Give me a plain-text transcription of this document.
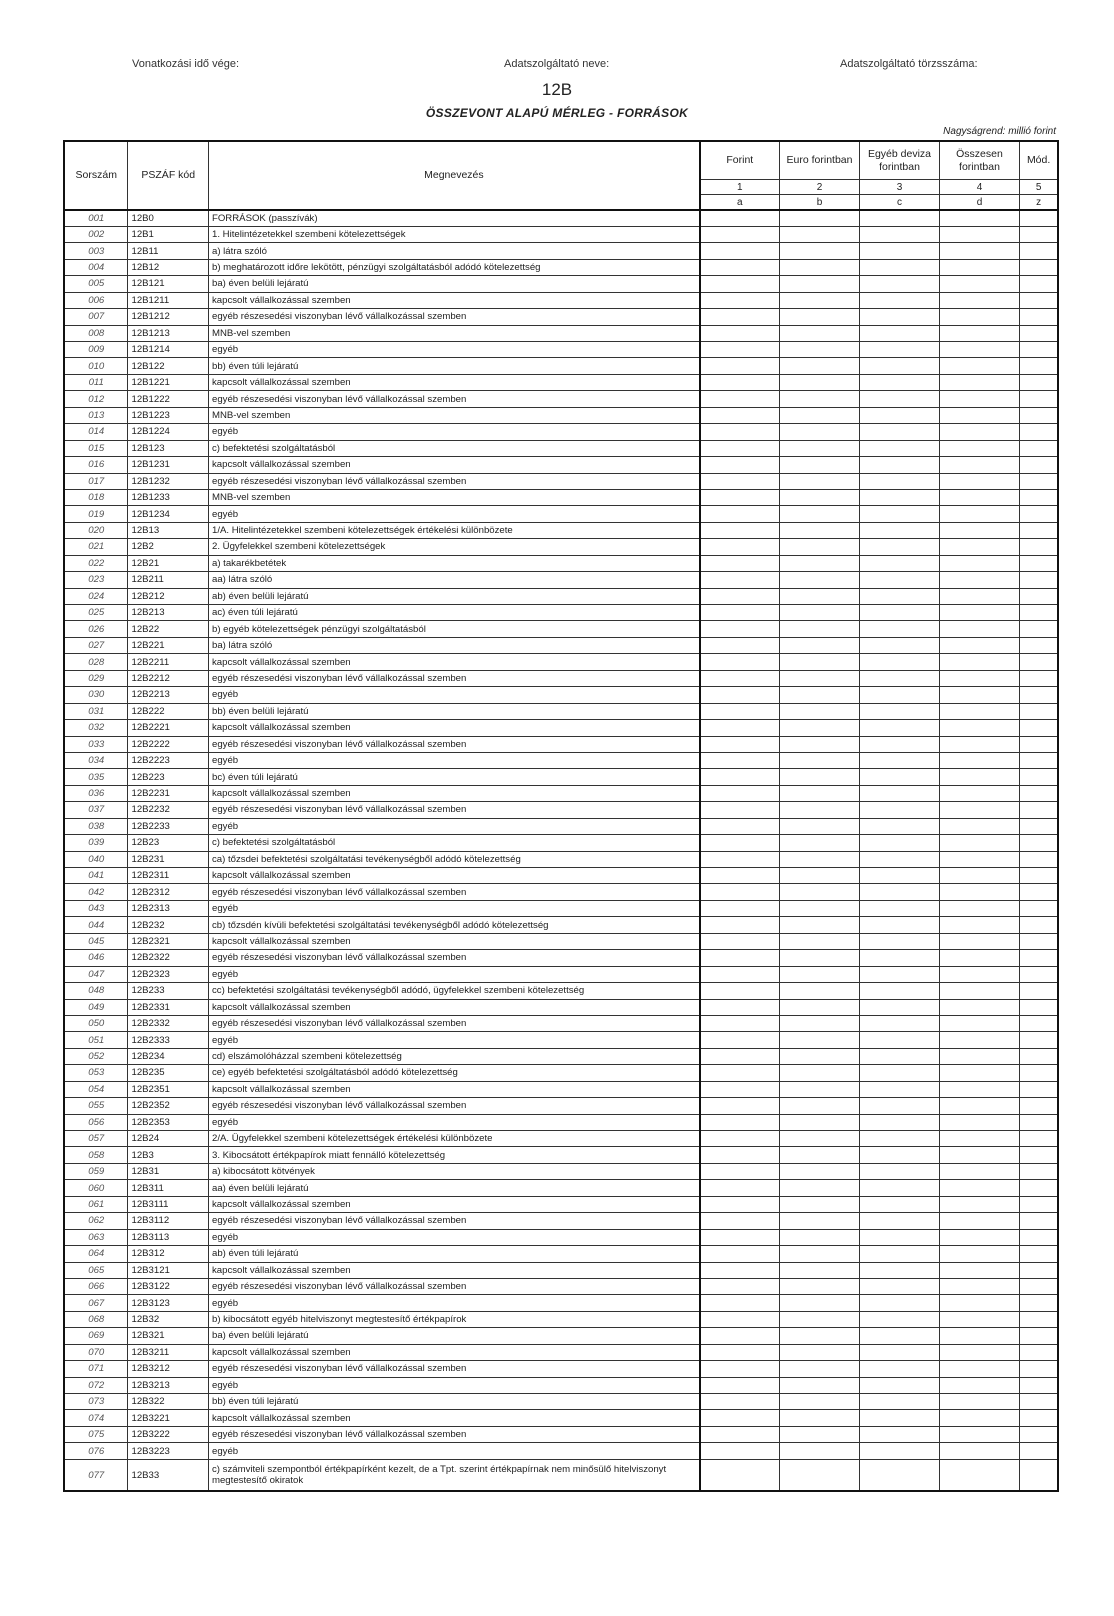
Vonatkozási idő vége:	Adatszolgáltató neve:	Adatszolgáltató törzsszáma:
12B
ÖSSZEVONT ALAPÚ MÉRLEG - FORRÁSOK
Nagyságrend: millió forint
Sorszám	PSZÁF kód	Megnevezés	Forint	Euro forintban	Egyéb deviza forintban	Összesen forintban	Mód.
			1	2	3	4	5
			a	b	c	d	z
001	12B0	FORRÁSOK (passzívák)					
002	12B1	1. Hitelintézetekkel szembeni kötelezettségek					
003	12B11	a) látra szóló					
004	12B12	b) meghatározott időre lekötött, pénzügyi szolgáltatásból adódó kötelezettség					
005	12B121	ba) éven belüli lejáratú					
006	12B1211	kapcsolt vállalkozással szemben					
007	12B1212	egyéb részesedési viszonyban lévő vállalkozással szemben					
008	12B1213	MNB-vel szemben					
009	12B1214	egyéb					
010	12B122	bb) éven túli lejáratú					
011	12B1221	kapcsolt vállalkozással szemben					
012	12B1222	egyéb részesedési viszonyban lévő vállalkozással szemben					
013	12B1223	MNB-vel szemben					
014	12B1224	egyéb					
015	12B123	c) befektetési szolgáltatásból					
016	12B1231	kapcsolt vállalkozással szemben					
017	12B1232	egyéb részesedési viszonyban lévő vállalkozással szemben					
018	12B1233	MNB-vel szemben					
019	12B1234	egyéb					
020	12B13	1/A. Hitelintézetekkel szembeni kötelezettségek értékelési különbözete					
021	12B2	2. Ügyfelekkel szembeni kötelezettségek					
022	12B21	a) takarékbetétek					
023	12B211	aa) látra szóló					
024	12B212	ab) éven belüli lejáratú					
025	12B213	ac) éven túli lejáratú					
026	12B22	b) egyéb kötelezettségek pénzügyi szolgáltatásból					
027	12B221	ba) látra szóló					
028	12B2211	kapcsolt vállalkozással szemben					
029	12B2212	egyéb részesedési viszonyban lévő vállalkozással szemben					
030	12B2213	egyéb					
031	12B222	bb) éven belüli lejáratú					
032	12B2221	kapcsolt vállalkozással szemben					
033	12B2222	egyéb részesedési viszonyban lévő vállalkozással szemben					
034	12B2223	egyéb					
035	12B223	bc) éven túli lejáratú					
036	12B2231	kapcsolt vállalkozással szemben					
037	12B2232	egyéb részesedési viszonyban lévő vállalkozással szemben					
038	12B2233	egyéb					
039	12B23	c) befektetési szolgáltatásból					
040	12B231	ca) tőzsdei befektetési szolgáltatási tevékenységből adódó kötelezettség					
041	12B2311	kapcsolt vállalkozással szemben					
042	12B2312	egyéb részesedési viszonyban lévő vállalkozással szemben					
043	12B2313	egyéb					
044	12B232	cb) tőzsdén kívüli befektetési szolgáltatási tevékenységből adódó kötelezettség					
045	12B2321	kapcsolt vállalkozással szemben					
046	12B2322	egyéb részesedési viszonyban lévő vállalkozással szemben					
047	12B2323	egyéb					
048	12B233	cc) befektetési szolgáltatási tevékenységből adódó, ügyfelekkel szembeni kötelezettség					
049	12B2331	kapcsolt vállalkozással szemben					
050	12B2332	egyéb részesedési viszonyban lévő vállalkozással szemben					
051	12B2333	egyéb					
052	12B234	cd) elszámolóházzal szembeni kötelezettség					
053	12B235	ce) egyéb befektetési szolgáltatásból adódó kötelezettség					
054	12B2351	kapcsolt vállalkozással szemben					
055	12B2352	egyéb részesedési viszonyban lévő vállalkozással szemben					
056	12B2353	egyéb					
057	12B24	2/A. Ügyfelekkel szembeni kötelezettségek értékelési különbözete					
058	12B3	3. Kibocsátott értékpapírok miatt fennálló kötelezettség					
059	12B31	a) kibocsátott kötvények					
060	12B311	aa) éven belüli lejáratú					
061	12B3111	kapcsolt vállalkozással szemben					
062	12B3112	egyéb részesedési viszonyban lévő vállalkozással szemben					
063	12B3113	egyéb					
064	12B312	ab) éven túli lejáratú					
065	12B3121	kapcsolt vállalkozással szemben					
066	12B3122	egyéb részesedési viszonyban lévő vállalkozással szemben					
067	12B3123	egyéb					
068	12B32	b) kibocsátott egyéb hitelviszonyt megtestesítő értékpapírok					
069	12B321	ba) éven belüli lejáratú					
070	12B3211	kapcsolt vállalkozással szemben					
071	12B3212	egyéb részesedési viszonyban lévő vállalkozással szemben					
072	12B3213	egyéb					
073	12B322	bb) éven túli lejáratú					
074	12B3221	kapcsolt vállalkozással szemben					
075	12B3222	egyéb részesedési viszonyban lévő vállalkozással szemben					
076	12B3223	egyéb					
077	12B33	c) számviteli szempontból értékpapírként kezelt, de a Tpt. szerint értékpapírnak nem minősülő hitelviszonyt megtestesítő okiratok					
